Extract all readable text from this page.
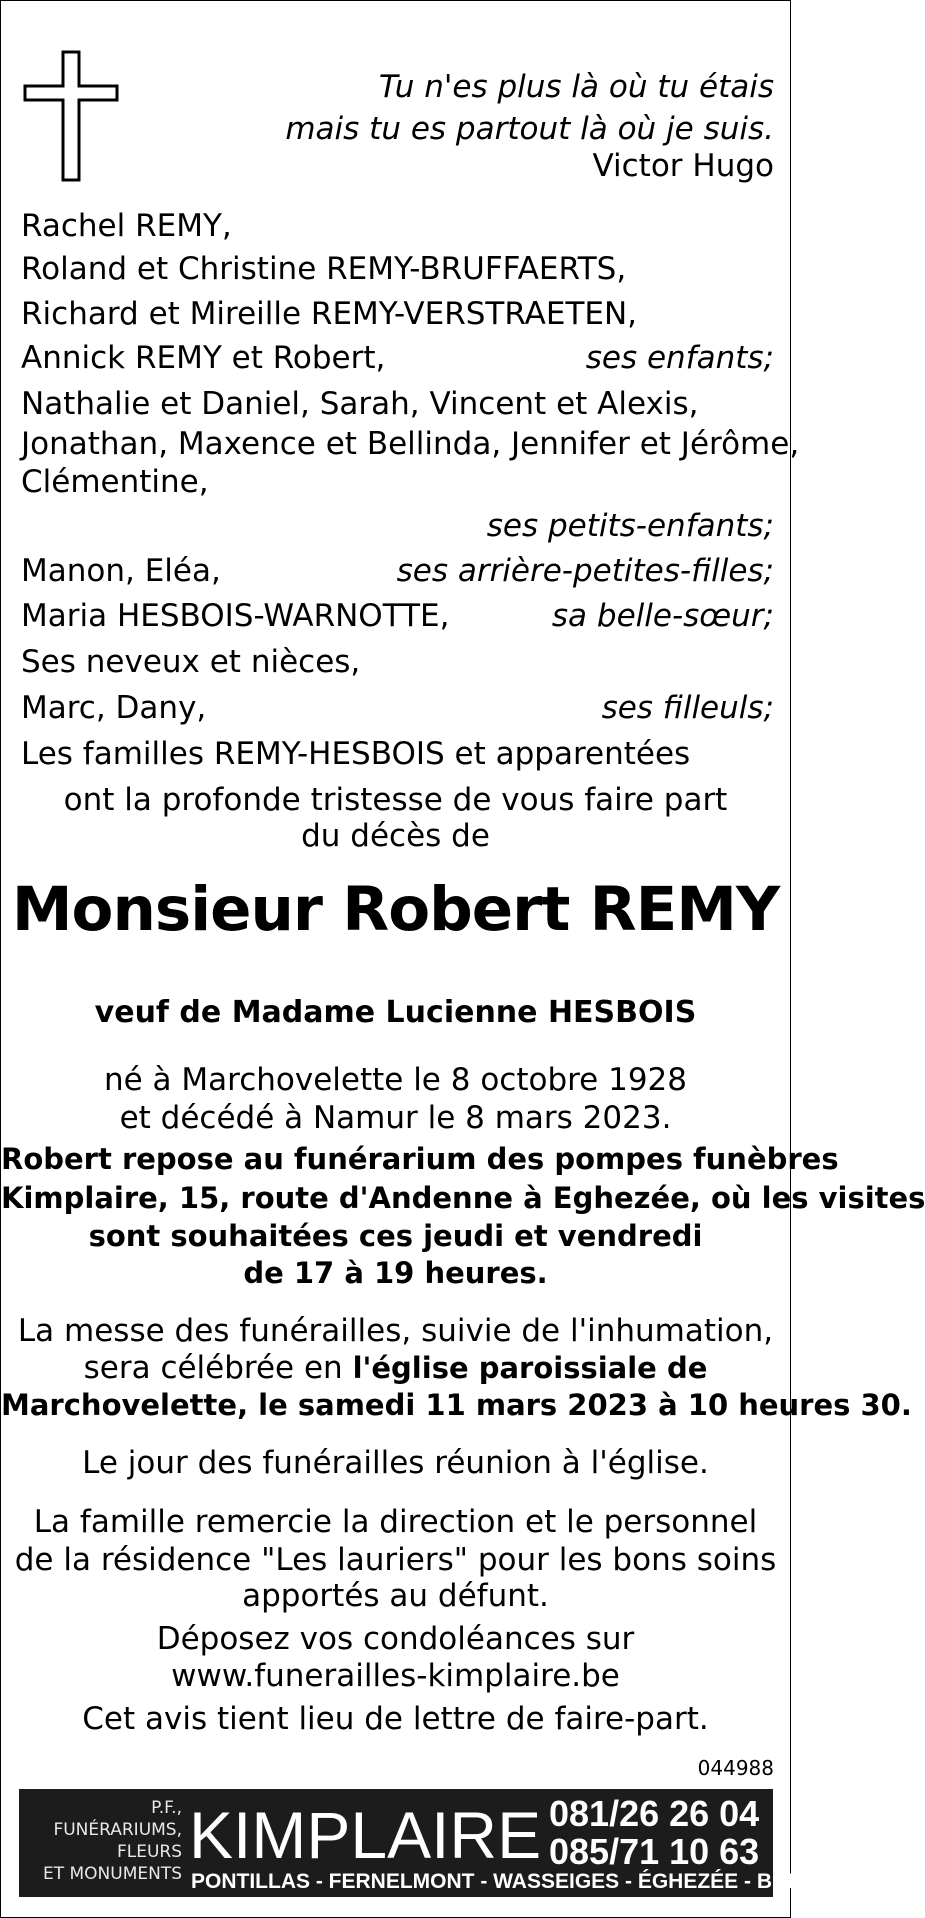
Tu n'es plus là où tu étais
mais tu es partout là où je suis.
Victor Hugo
Rachel REMY,
Roland et Christine REMY-BRUFFAERTS,
Richard et Mireille REMY-VERSTRAETEN,
Annick REMY et Robert,	ses enfants;
Nathalie et Daniel, Sarah, Vincent et Alexis,
Jonathan, Maxence et Bellinda, Jennifer et Jérôme,
Clémentine,
ses petits-enfants;
Manon, Eléa,	ses arrière-petites-filles;
Maria HESBOIS-WARNOTTE,	sa belle-sœur;
Ses neveux et nièces,
Marc, Dany,	ses filleuls;
Les familles REMY-HESBOIS et apparentées
ont la profonde tristesse de vous faire part
du décès de
Monsieur Robert REMY
veuf de Madame Lucienne HESBOIS
né à Marchovelette le 8 octobre 1928
et décédé à Namur le 8 mars 2023.
Robert repose au funérarium des pompes funèbres
Kimplaire, 15, route d'Andenne à Eghezée, où les visites
sont souhaitées ces jeudi et vendredi
de 17 à 19 heures.
La messe des funérailles, suivie de l'inhumation,
sera célébrée en l'église paroissiale de
Marchovelette, le samedi 11 mars 2023 à 10 heures 30.
Le jour des funérailles réunion à l'église.
La famille remercie la direction et le personnel
de la résidence "Les lauriers" pour les bons soins
apportés au défunt.
Déposez vos condoléances sur
www.funerailles-kimplaire.be
Cet avis tient lieu de lettre de faire-part.
044988
P.F.,
FUNÉRARIUMS,
FLEURS
ET MONUMENTS
KIMPLAIRE 081/26 26 04
085/71 10 63
PONTILLAS - FERNELMONT - WASSEIGES - ÉGHEZÉE - BURDINNE
